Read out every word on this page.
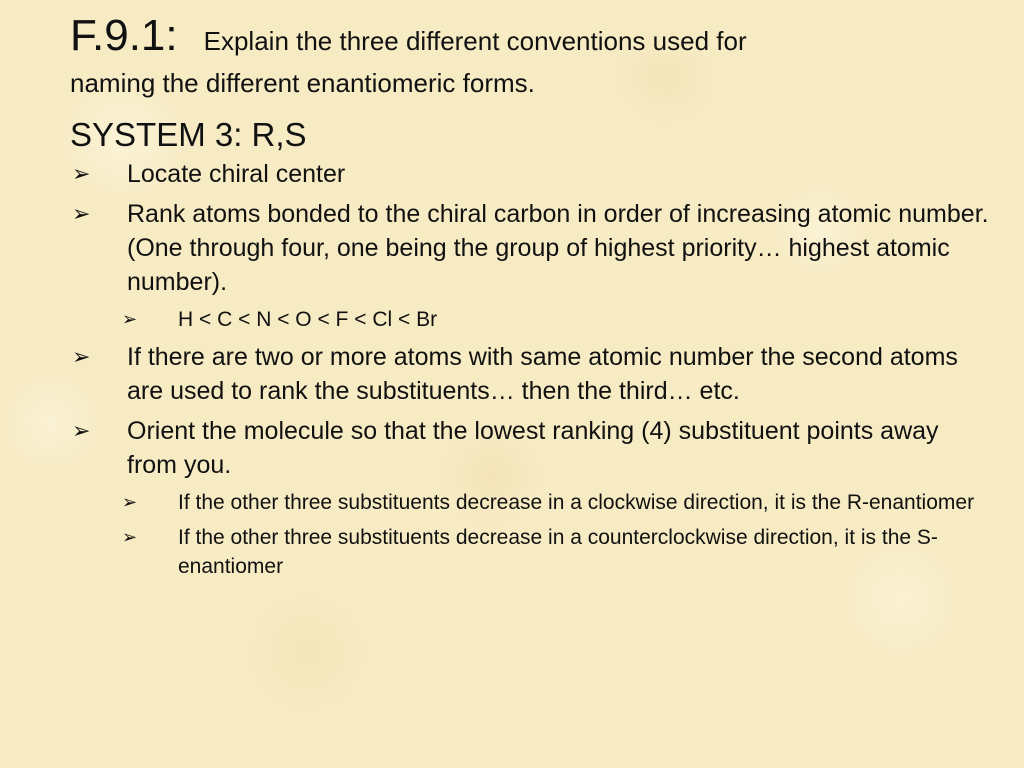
F.9.1: Explain the three different conventions used for
naming the different enantiomeric forms.
SYSTEM 3: R,S
➢ Locate chiral center
➢ Rank atoms bonded to the chiral carbon in order of increasing atomic number. (One through four, one being the group of highest priority… highest atomic number).
➢ H < C < N < O < F < Cl < Br
➢ If there are two or more atoms with same atomic number the second atoms are used to rank the substituents… then the third… etc.
➢ Orient the molecule so that the lowest ranking (4) substituent points away from you.
➢ If the other three substituents decrease in a clockwise direction, it is the R-enantiomer
➢ If the other three substituents decrease in a counterclockwise direction, it is the S-enantiomer
